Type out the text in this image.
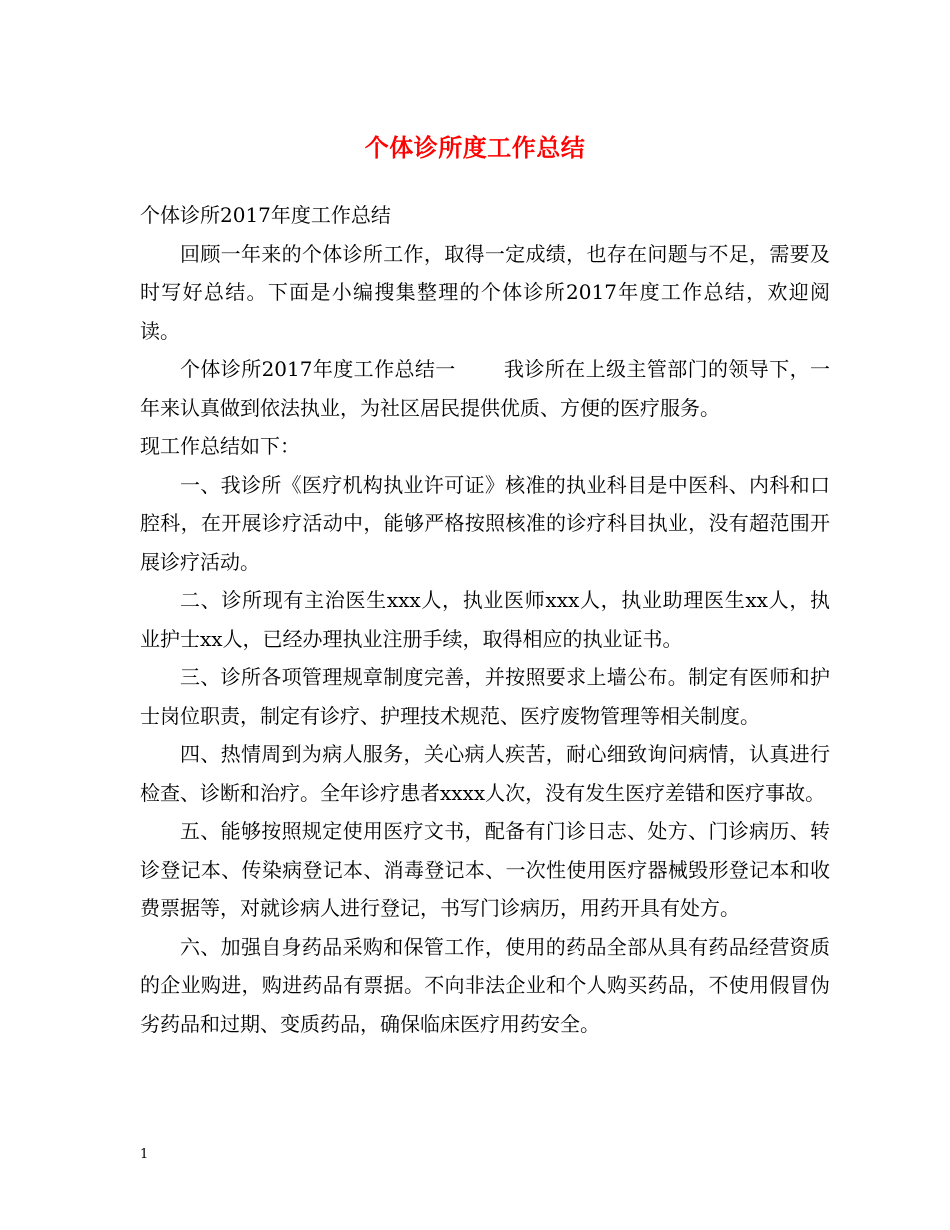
个体诊所度工作总结

个体诊所2017年度工作总结

回顾一年来的个体诊所工作，取得一定成绩，也存在问题与不足，需要及时写好总结。下面是小编搜集整理的个体诊所2017年度工作总结，欢迎阅读。

个体诊所2017年度工作总结一 我诊所在上级主管部门的领导下，一年来认真做到依法执业，为社区居民提供优质、方便的医疗服务。

现工作总结如下：

一、我诊所《医疗机构执业许可证》核准的执业科目是中医科、内科和口腔科，在开展诊疗活动中，能够严格按照核准的诊疗科目执业，没有超范围开展诊疗活动。

二、诊所现有主治医生xxx人，执业医师xxx人，执业助理医生xx人，执业护士xx人，已经办理执业注册手续，取得相应的执业证书。

三、诊所各项管理规章制度完善，并按照要求上墙公布。制定有医师和护士岗位职责，制定有诊疗、护理技术规范、医疗废物管理等相关制度。

四、热情周到为病人服务，关心病人疾苦，耐心细致询问病情，认真进行检查、诊断和治疗。全年诊疗患者xxxx人次，没有发生医疗差错和医疗事故。

五、能够按照规定使用医疗文书，配备有门诊日志、处方、门诊病历、转诊登记本、传染病登记本、消毒登记本、一次性使用医疗器械毁形登记本和收费票据等，对就诊病人进行登记，书写门诊病历，用药开具有处方。

六、加强自身药品采购和保管工作，使用的药品全部从具有药品经营资质的企业购进，购进药品有票据。不向非法企业和个人购买药品，不使用假冒伪劣药品和过期、变质药品，确保临床医疗用药安全。

1
